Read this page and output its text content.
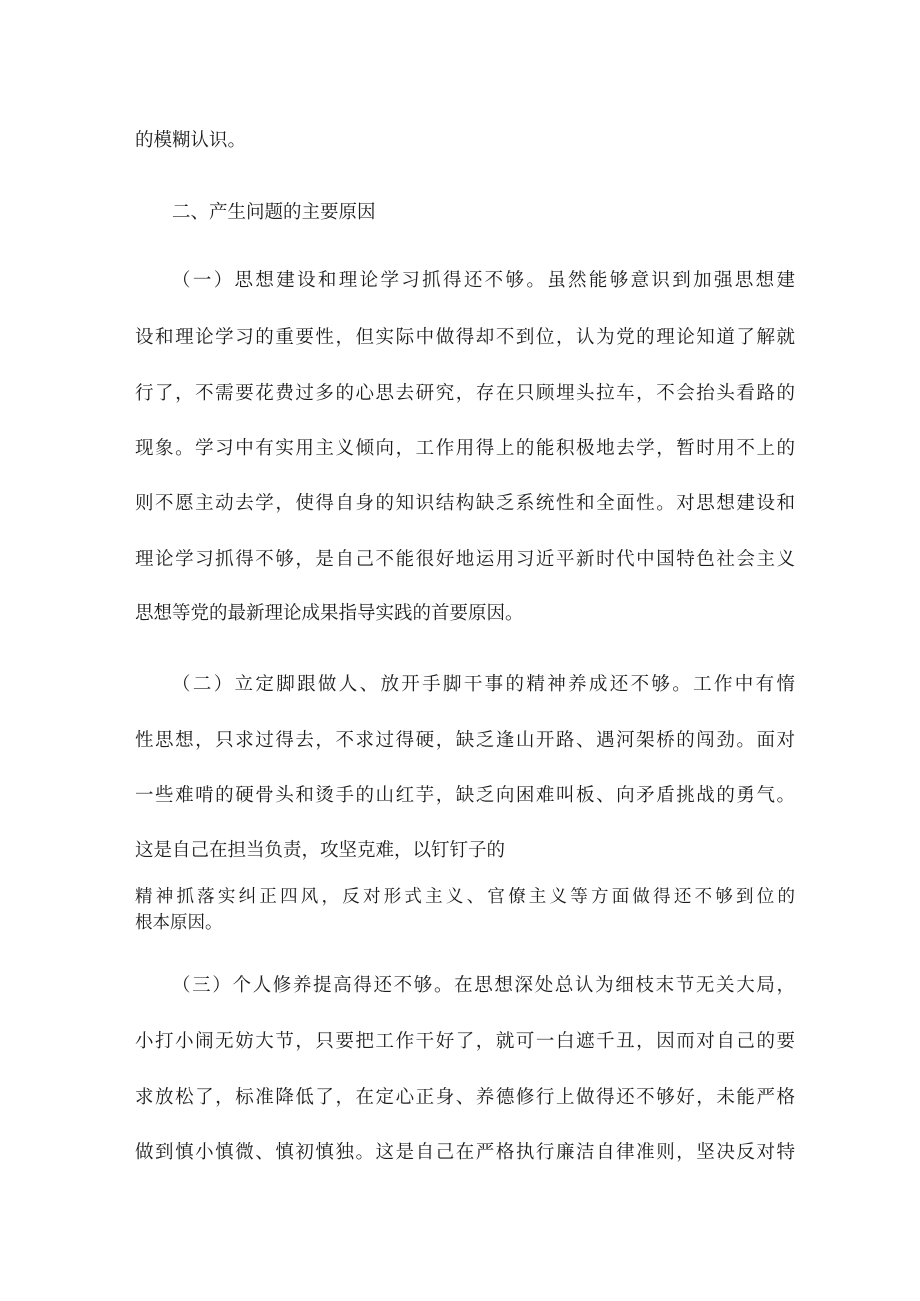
的模糊认识。
二、产生问题的主要原因
（一）思想建设和理论学习抓得还不够。虽然能够意识到加强思想建
设和理论学习的重要性，但实际中做得却不到位，认为党的理论知道了解就
行了，不需要花费过多的心思去研究，存在只顾埋头拉车，不会抬头看路的
现象。学习中有实用主义倾向，工作用得上的能积极地去学，暂时用不上的
则不愿主动去学，使得自身的知识结构缺乏系统性和全面性。对思想建设和
理论学习抓得不够，是自己不能很好地运用习近平新时代中国特色社会主义
思想等党的最新理论成果指导实践的首要原因。
（二）立定脚跟做人、放开手脚干事的精神养成还不够。工作中有惰
性思想，只求过得去，不求过得硬，缺乏逢山开路、遇河架桥的闯劲。面对
一些难啃的硬骨头和烫手的山红芋，缺乏向困难叫板、向矛盾挑战的勇气。
这是自己在担当负责，攻坚克难，以钉钉子的
精神抓落实纠正四风，反对形式主义、官僚主义等方面做得还不够到位的
根本原因。
（三）个人修养提高得还不够。在思想深处总认为细枝末节无关大局，
小打小闹无妨大节，只要把工作干好了，就可一白遮千丑，因而对自己的要
求放松了，标准降低了，在定心正身、养德修行上做得还不够好，未能严格
做到慎小慎微、慎初慎独。这是自己在严格执行廉洁自律准则，坚决反对特
